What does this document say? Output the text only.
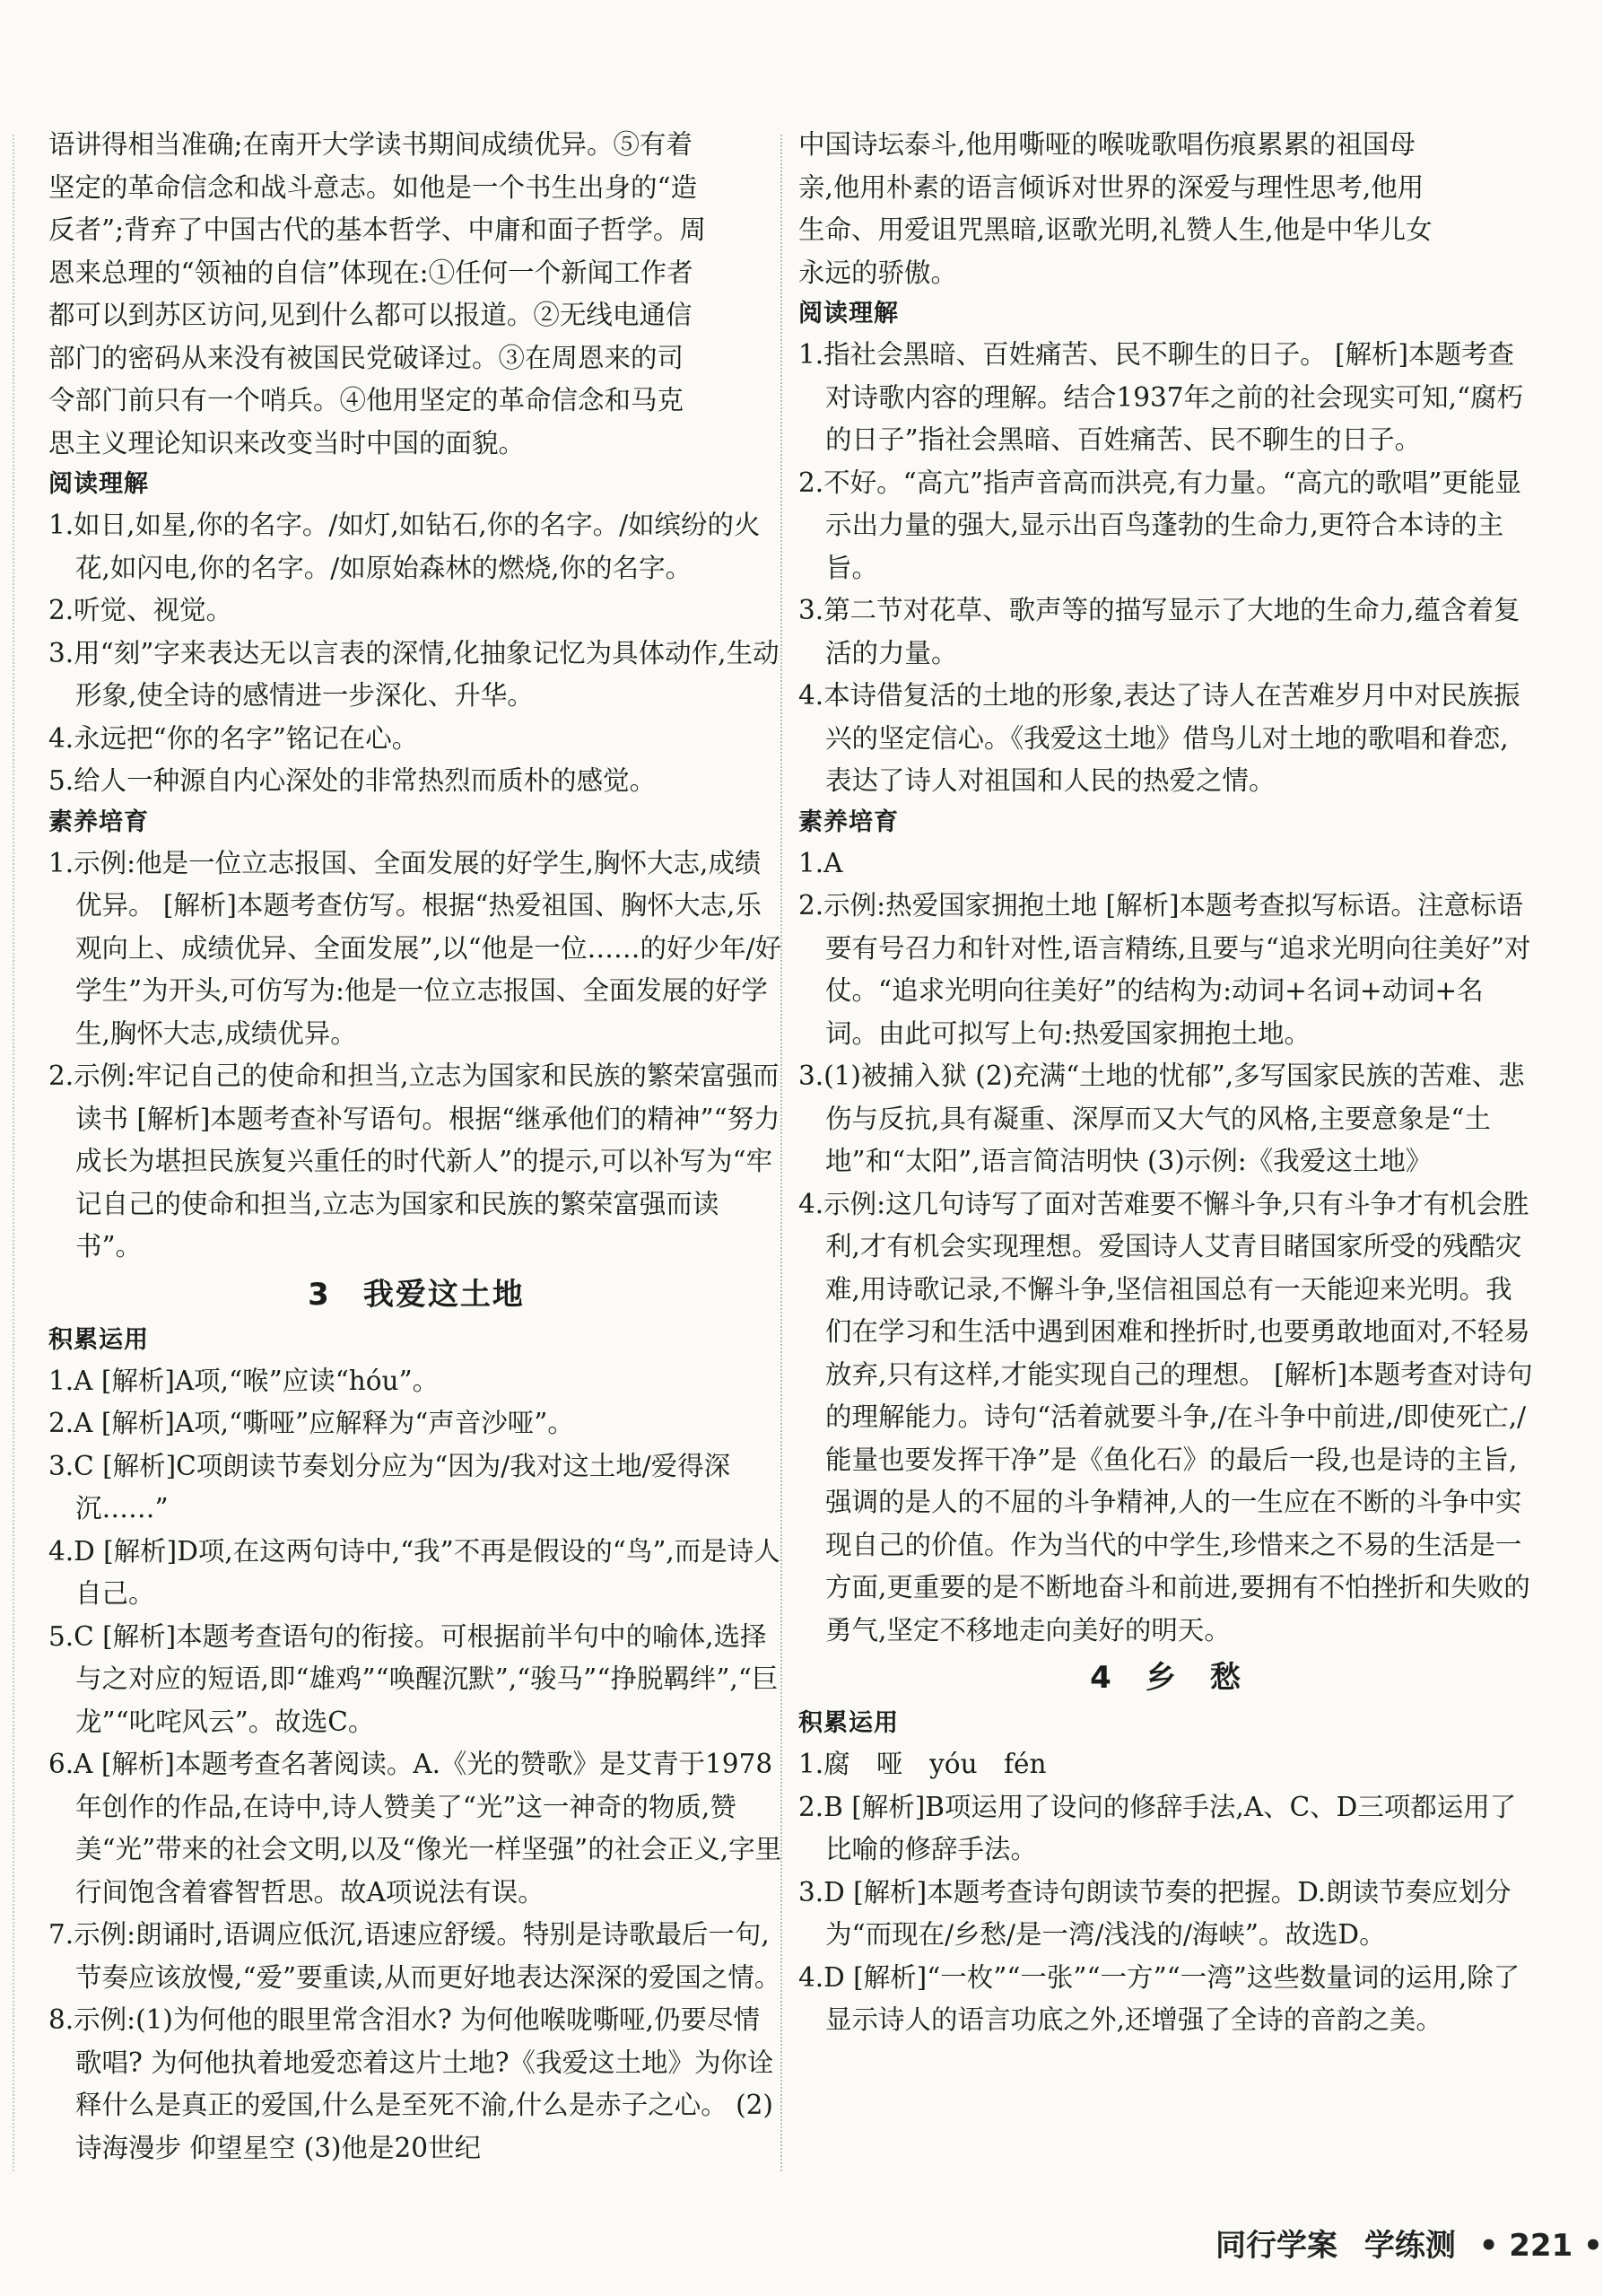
语讲得相当准确;在南开大学读书期间成绩优异。⑤有着
坚定的革命信念和战斗意志。如他是一个书生出身的“造
反者”;背弃了中国古代的基本哲学、中庸和面子哲学。周
恩来总理的“领袖的自信”体现在:①任何一个新闻工作者
都可以到苏区访问,见到什么都可以报道。②无线电通信
部门的密码从来没有被国民党破译过。③在周恩来的司
令部门前只有一个哨兵。④他用坚定的革命信念和马克
思主义理论知识来改变当时中国的面貌。
阅读理解
1.如日,如星,你的名字。/如灯,如钻石,你的名字。/如缤纷的火花,如闪电,你的名字。/如原始森林的燃烧,你的名字。
2.听觉、视觉。
3.用“刻”字来表达无以言表的深情,化抽象记忆为具体动作,生动形象,使全诗的感情进一步深化、升华。
4.永远把“你的名字”铭记在心。
5.给人一种源自内心深处的非常热烈而质朴的感觉。
素养培育
1.示例:他是一位立志报国、全面发展的好学生,胸怀大志,成绩优异。 [解析]本题考查仿写。根据“热爱祖国、胸怀大志,乐观向上、成绩优异、全面发展”,以“他是一位……的好少年/好学生”为开头,可仿写为:他是一位立志报国、全面发展的好学生,胸怀大志,成绩优异。
2.示例:牢记自己的使命和担当,立志为国家和民族的繁荣富强而读书 [解析]本题考查补写语句。根据“继承他们的精神”“努力成长为堪担民族复兴重任的时代新人”的提示,可以补写为“牢记自己的使命和担当,立志为国家和民族的繁荣富强而读书”。
3　我爱这土地
积累运用
1.A [解析]A项,“喉”应读“hóu”。
2.A [解析]A项,“嘶哑”应解释为“声音沙哑”。
3.C [解析]C项朗读节奏划分应为“因为/我对这土地/爱得深沉……”
4.D [解析]D项,在这两句诗中,“我”不再是假设的“鸟”,而是诗人自己。
5.C [解析]本题考查语句的衔接。可根据前半句中的喻体,选择与之对应的短语,即“雄鸡”“唤醒沉默”,“骏马”“挣脱羁绊”,“巨龙”“叱咤风云”。故选C。
6.A [解析]本题考查名著阅读。A.《光的赞歌》是艾青于1978年创作的作品,在诗中,诗人赞美了“光”这一神奇的物质,赞美“光”带来的社会文明,以及“像光一样坚强”的社会正义,字里行间饱含着睿智哲思。故A项说法有误。
7.示例:朗诵时,语调应低沉,语速应舒缓。特别是诗歌最后一句,节奏应该放慢,“爱”要重读,从而更好地表达深深的爱国之情。
8.示例:(1)为何他的眼里常含泪水? 为何他喉咙嘶哑,仍要尽情歌唱? 为何他执着地爱恋着这片土地?《我爱这土地》为你诠释什么是真正的爱国,什么是至死不渝,什么是赤子之心。 (2)诗海漫步 仰望星空 (3)他是20世纪
中国诗坛泰斗,他用嘶哑的喉咙歌唱伤痕累累的祖国母
亲,他用朴素的语言倾诉对世界的深爱与理性思考,他用
生命、用爱诅咒黑暗,讴歌光明,礼赞人生,他是中华儿女
永远的骄傲。
阅读理解
1.指社会黑暗、百姓痛苦、民不聊生的日子。 [解析]本题考查对诗歌内容的理解。结合1937年之前的社会现实可知,“腐朽的日子”指社会黑暗、百姓痛苦、民不聊生的日子。
2.不好。“高亢”指声音高而洪亮,有力量。“高亢的歌唱”更能显示出力量的强大,显示出百鸟蓬勃的生命力,更符合本诗的主旨。
3.第二节对花草、歌声等的描写显示了大地的生命力,蕴含着复活的力量。
4.本诗借复活的土地的形象,表达了诗人在苦难岁月中对民族振兴的坚定信心。《我爱这土地》借鸟儿对土地的歌唱和眷恋,表达了诗人对祖国和人民的热爱之情。
素养培育
1.A
2.示例:热爱国家拥抱土地 [解析]本题考查拟写标语。注意标语要有号召力和针对性,语言精练,且要与“追求光明向往美好”对仗。“追求光明向往美好”的结构为:动词+名词+动词+名词。由此可拟写上句:热爱国家拥抱土地。
3.(1)被捕入狱 (2)充满“土地的忧郁”,多写国家民族的苦难、悲伤与反抗,具有凝重、深厚而又大气的风格,主要意象是“土地”和“太阳”,语言简洁明快 (3)示例:《我爱这土地》
4.示例:这几句诗写了面对苦难要不懈斗争,只有斗争才有机会胜利,才有机会实现理想。爱国诗人艾青目睹国家所受的残酷灾难,用诗歌记录,不懈斗争,坚信祖国总有一天能迎来光明。我们在学习和生活中遇到困难和挫折时,也要勇敢地面对,不轻易放弃,只有这样,才能实现自己的理想。 [解析]本题考查对诗句的理解能力。诗句“活着就要斗争,/在斗争中前进,/即使死亡,/能量也要发挥干净”是《鱼化石》的最后一段,也是诗的主旨,强调的是人的不屈的斗争精神,人的一生应在不断的斗争中实现自己的价值。作为当代的中学生,珍惜来之不易的生活是一方面,更重要的是不断地奋斗和前进,要拥有不怕挫折和失败的勇气,坚定不移地走向美好的明天。
4　乡　愁
积累运用
1.腐　哑　yóu　fén
2.B [解析]B项运用了设问的修辞手法,A、C、D三项都运用了比喻的修辞手法。
3.D [解析]本题考查诗句朗读节奏的把握。D.朗读节奏应划分为“而现在/乡愁/是一湾/浅浅的/海峡”。故选D。
4.D [解析]“一枚”“一张”“一方”“一湾”这些数量词的运用,除了显示诗人的语言功底之外,还增强了全诗的音韵之美。
同行学案 学练测 • 221 •
